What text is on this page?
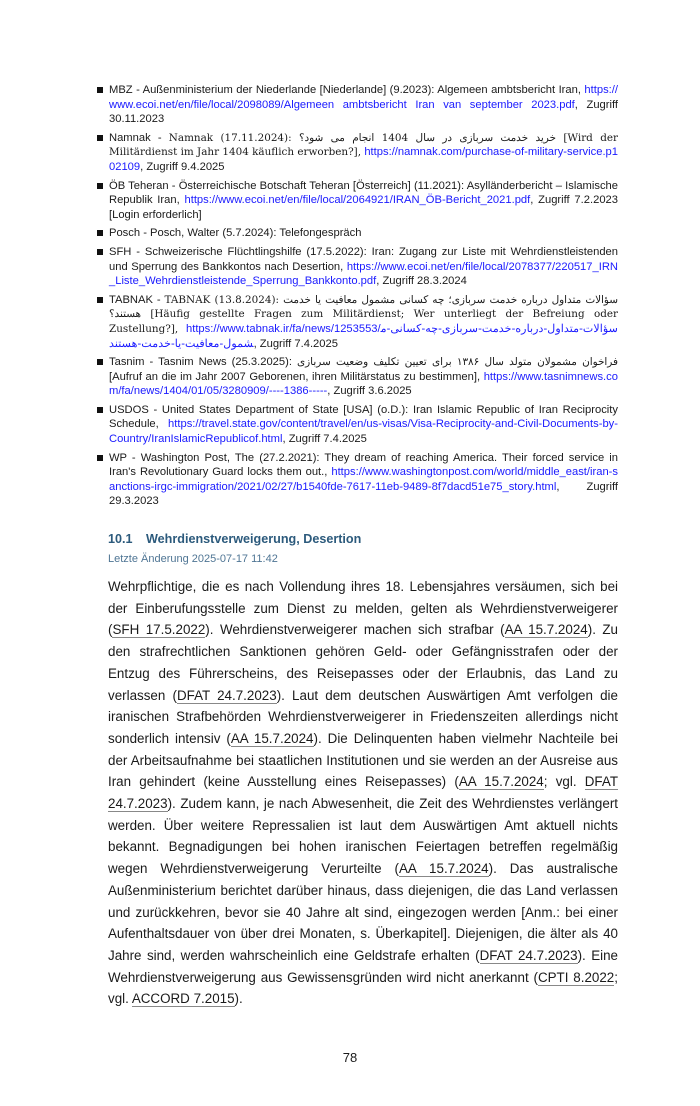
MBZ - Außenministerium der Niederlande [Niederlande] (9.2023): Algemeen ambtsbericht Iran, https://www.ecoi.net/en/file/local/2098089/Algemeen ambtsbericht Iran van september 2023.pdf, Zugriff 30.11.2023
Namnak - Namnak (17.11.2024): خرید خدمت سربازی در سال 1404 انجام می شود؟ [Wird der Militärdienst im Jahr 1404 käuflich erworben?], https://namnak.com/purchase-of-military-service.p102109, Zugriff 9.4.2025
ÖB Teheran - Österreichische Botschaft Teheran [Österreich] (11.2021): Asylländerbericht – Islamische Republik Iran, https://www.ecoi.net/en/file/local/2064921/IRAN_ÖB-Bericht_2021.pdf, Zugriff 7.2.2023 [Login erforderlich]
Posch - Posch, Walter (5.7.2024): Telefongespräch
SFH - Schweizerische Flüchtlingshilfe (17.5.2022): Iran: Zugang zur Liste mit Wehrdienstleistenden und Sperrung des Bankkontos nach Desertion, https://www.ecoi.net/en/file/local/2078377/220517_IRN_Liste_Wehrdienstleistende_Sperrung_Bankkonto.pdf, Zugriff 28.3.2024
TABNAK - TABNAK (13.8.2024): سؤالات متداول درباره خدمت سربازی؛ چه کسانی مشمول معافیت یا خدمت هستند؟ [Häufig gestellte Fragen zum Militärdienst; Wer unterliegt der Befreiung oder Zustellung?], https://www.tabnak.ir/fa/news/1253553/سؤالات-متداول-درباره-خدمت-سربازی-چه-کسانی-مشمول-معافیت-یا-خدمت-هستند, Zugriff 7.4.2025
Tasnim - Tasnim News (25.3.2025): فراخوان مشمولان متولد سال ۱۳۸۶ برای تعیین تکلیف وضعیت سربازی [Aufruf an die im Jahr 2007 Geborenen, ihren Militärstatus zu bestimmen], https://www.tasnimnews.com/fa/news/1404/01/05/3280909/----1386-----, Zugriff 3.6.2025
USDOS - United States Department of State [USA] (o.D.): Iran Islamic Republic of Iran Reciprocity Schedule, https://travel.state.gov/content/travel/en/us-visas/Visa-Reciprocity-and-Civil-Documents-by-Country/IranIslamicRepublicof.html, Zugriff 7.4.2025
WP - Washington Post, The (27.2.2021): They dream of reaching America. Their forced service in Iran's Revolutionary Guard locks them out., https://www.washingtonpost.com/world/middle_east/iran-sanctions-irgc-immigration/2021/02/27/b1540fde-7617-11eb-9489-8f7dacd51e75_story.html, Zugriff 29.3.2023
10.1 Wehrdienstverweigerung, Desertion
Letzte Änderung 2025-07-17 11:42

Wehrpflichtige, die es nach Vollendung ihres 18. Lebensjahres versäumen, sich bei der Einberufungsstelle zum Dienst zu melden, gelten als Wehrdienstverweigerer (SFH 17.5.2022). Wehrdienstverweigerer machen sich strafbar (AA 15.7.2024). Zu den strafrechtlichen Sanktionen gehören Geld- oder Gefängnisstrafen oder der Entzug des Führerscheins, des Reisepasses oder der Erlaubnis, das Land zu verlassen (DFAT 24.7.2023). Laut dem deutschen Auswärtigen Amt verfolgen die iranischen Strafbehörden Wehrdienstverweigerer in Friedenszeiten allerdings nicht sonderlich intensiv (AA 15.7.2024). Die Delinquenten haben vielmehr Nachteile bei der Arbeitsaufnahme bei staatlichen Institutionen und sie werden an der Ausreise aus Iran gehindert (keine Ausstellung eines Reisepasses) (AA 15.7.2024; vgl. DFAT 24.7.2023). Zudem kann, je nach Abwesenheit, die Zeit des Wehrdienstes verlängert werden. Über weitere Repressalien ist laut dem Auswärtigen Amt aktuell nichts bekannt. Begnadigungen bei hohen iranischen Feiertagen betreffen regelmäßig wegen Wehrdienstverweigerung Verurteilte (AA 15.7.2024). Das australische Außenministerium berichtet darüber hinaus, dass diejenigen, die das Land verlassen und zurückkehren, bevor sie 40 Jahre alt sind, eingezogen werden [Anm.: bei einer Aufenthaltsdauer von über drei Monaten, s. Überkapitel]. Diejenigen, die älter als 40 Jahre sind, werden wahrscheinlich eine Geldstrafe erhalten (DFAT 24.7.2023). Eine Wehrdienstverweigerung aus Gewissensgründen wird nicht anerkannt (CPTI 8.2022; vgl. ACCORD 7.2015).

78
